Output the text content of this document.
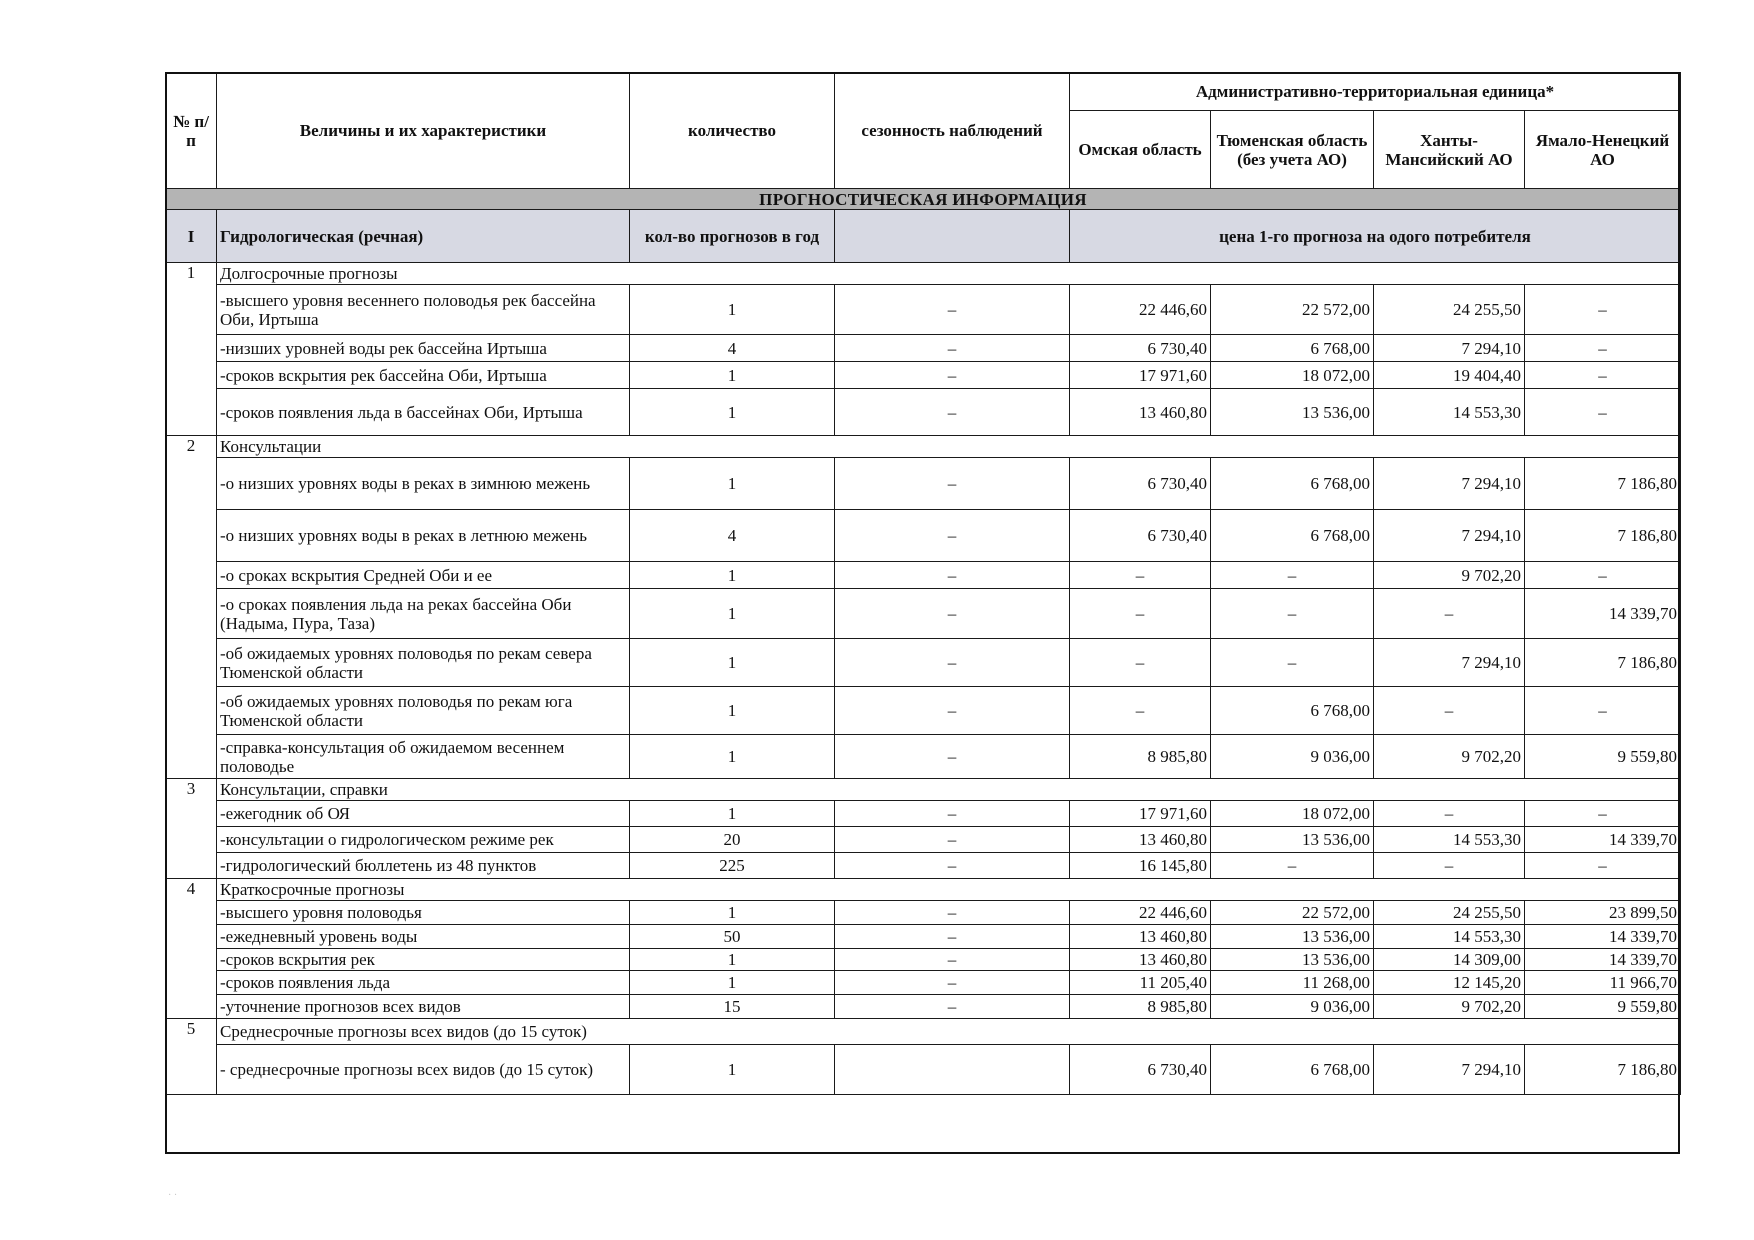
№ п/п	Величины и их характеристики	количество	сезонность наблюдений	Административно-территориальная единица*			
				Омская область	Тюменская область (без учета АО)	Ханты-Мансийский АО	Ямало-Ненецкий АО
ПРОГНОСТИЧЕСКАЯ ИНФОРМАЦИЯ							
I	Гидрологическая (речная)	кол-во прогнозов в год		цена 1-го прогноза на одого потребителя			
1	Долгосрочные прогнозы						
	-высшего уровня весеннего половодья рек бассейна Оби, Иртыша	1	–	22 446,60	22 572,00	24 255,50	–
	-низших уровней воды рек бассейна Иртыша	4	–	6 730,40	6 768,00	7 294,10	–
	-сроков вскрытия рек бассейна Оби, Иртыша	1	–	17 971,60	18 072,00	19 404,40	–
	-сроков появления льда в бассейнах Оби, Иртыша	1	–	13 460,80	13 536,00	14 553,30	–
2	Консультации						
	-о низших уровнях воды в реках в зимнюю межень	1	–	6 730,40	6 768,00	7 294,10	7 186,80
	-о низших уровнях воды в реках в летнюю межень	4	–	6 730,40	6 768,00	7 294,10	7 186,80
	-о сроках вскрытия Средней Оби и ее	1	–	–	–	9 702,20	–
	-о сроках появления льда на реках бассейна Оби (Надыма, Пура, Таза)	1	–	–	–	–	14 339,70
	-об ожидаемых уровнях половодья по рекам севера Тюменской области	1	–	–	–	7 294,10	7 186,80
	-об ожидаемых уровнях половодья по рекам юга Тюменской области	1	–	–	6 768,00	–	–
	-справка-консультация об ожидаемом весеннем половодье	1	–	8 985,80	9 036,00	9 702,20	9 559,80
3	Консультации, справки						
	-ежегодник об ОЯ	1	–	17 971,60	18 072,00	–	–
	-консультации о гидрологическом режиме рек	20	–	13 460,80	13 536,00	14 553,30	14 339,70
	-гидрологический бюллетень из 48 пунктов	225	–	16 145,80	–	–	–
4	Краткосрочные прогнозы						
	-высшего уровня половодья	1	–	22 446,60	22 572,00	24 255,50	23 899,50
	-ежедневный уровень воды	50	–	13 460,80	13 536,00	14 553,30	14 339,70
	-сроков вскрытия рек	1	–	13 460,80	13 536,00	14 309,00	14 339,70
	-сроков появления льда	1	–	11 205,40	11 268,00	12 145,20	11 966,70
	-уточнение прогнозов всех видов	15	–	8 985,80	9 036,00	9 702,20	9 559,80
5	Среднесрочные прогнозы всех видов (до 15 суток)						
	- среднесрочные прогнозы всех видов (до 15 суток)	1		6 730,40	6 768,00	7 294,10	7 186,80
· ·
